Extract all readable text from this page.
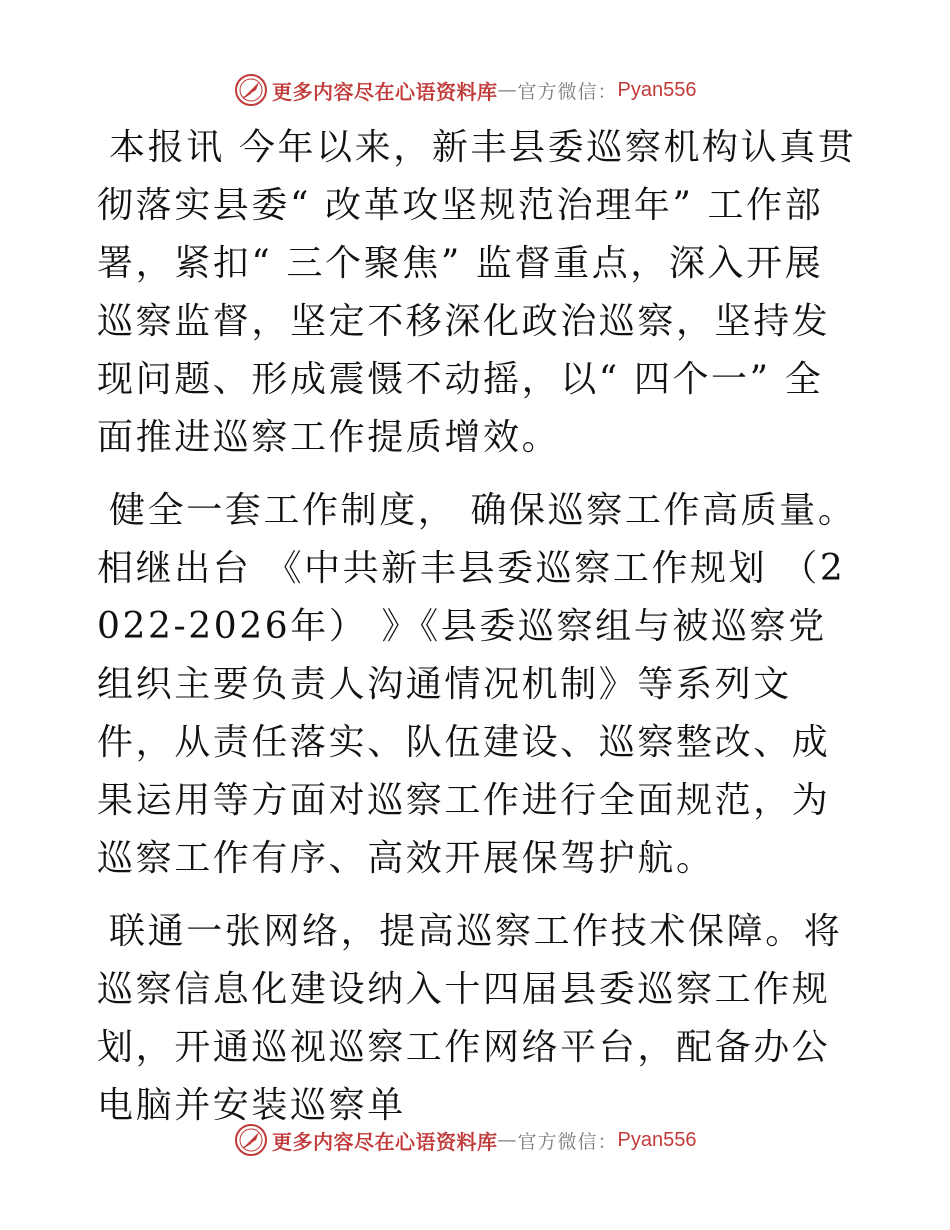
更多内容尽在心语资料库 — 官方微信： Pyan556

本报讯 今年以来，新丰县委巡察机构认真贯彻落实县委“ 改革攻坚规范治理年” 工作部署，紧扣“ 三个聚焦” 监督重点，深入开展巡察监督，坚定不移深化政治巡察，坚持发现问题、形成震慑不动摇，以“ 四个一” 全面推进巡察工作提质增效。

健全一套工作制度， 确保巡察工作高质量。 相继出台 《中共新丰县委巡察工作规划 （2022-2026年） 》《县委巡察组与被巡察党组织主要负责人沟通情况机制》等系列文件，从责任落实、队伍建设、巡察整改、成果运用等方面对巡察工作进行全面规范，为巡察工作有序、高效开展保驾护航。

联通一张网络，提高巡察工作技术保障。将巡察信息化建设纳入十四届县委巡察工作规划，开通巡视巡察工作网络平台，配备办公电脑并安装巡察单

更多内容尽在心语资料库 — 官方微信： Pyan556
